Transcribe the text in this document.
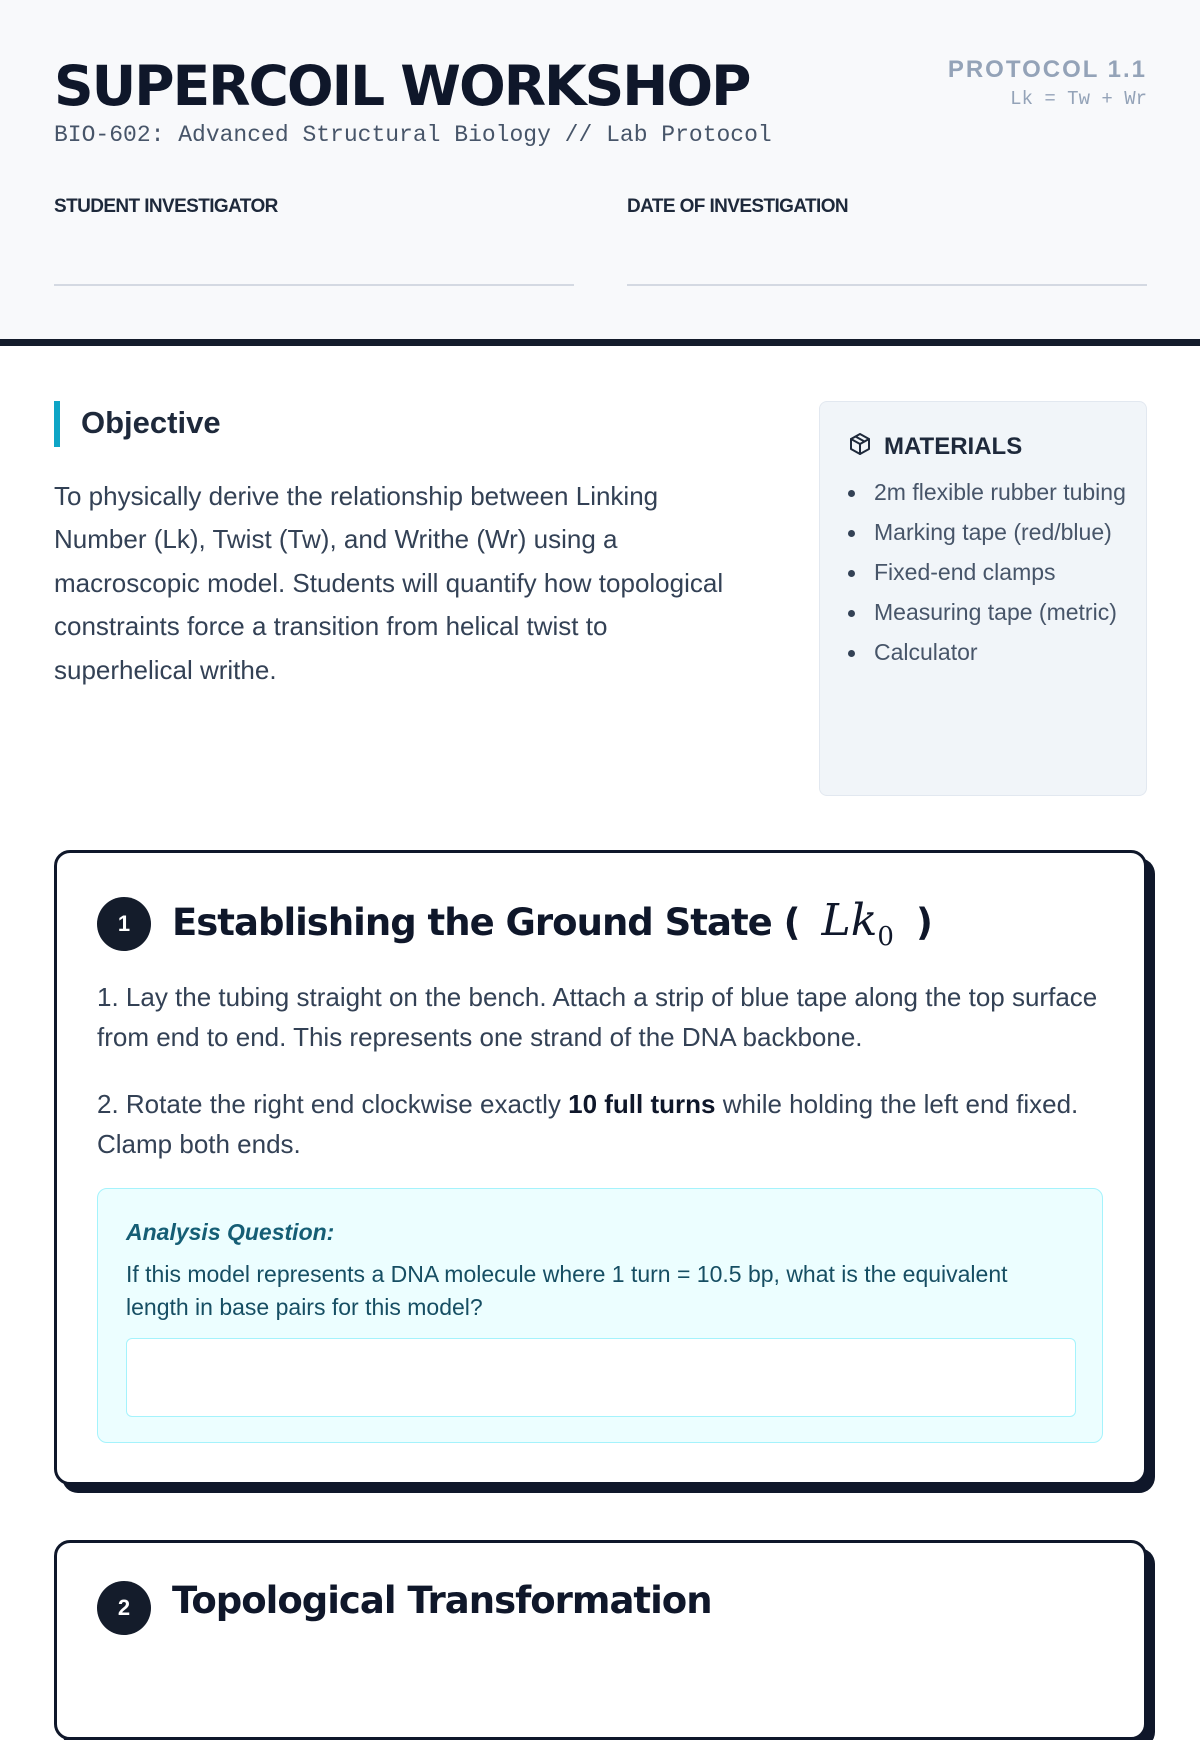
SUPERCOIL WORKSHOP
BIO-602: Advanced Structural Biology // Lab Protocol
PROTOCOL 1.1
Lk = Tw + Wr
STUDENT INVESTIGATOR	DATE OF INVESTIGATION
Objective
To physically derive the relationship between Linking Number (Lk), Twist (Tw), and Writhe (Wr) using a macroscopic model. Students will quantify how topological constraints force a transition from helical twist to superhelical writhe.
MATERIALS
2m flexible rubber tubing
Marking tape (red/blue)
Fixed-end clamps
Measuring tape (metric)
Calculator
1	Establishing the Ground State ( $Lk_0$ )
1. Lay the tubing straight on the bench. Attach a strip of blue tape along the top surface from end to end. This represents one strand of the DNA backbone.
2. Rotate the right end clockwise exactly 10 full turns while holding the left end fixed. Clamp both ends.
Analysis Question:
If this model represents a DNA molecule where 1 turn = 10.5 bp, what is the equivalent length in base pairs for this model?
2	Topological Transformation
